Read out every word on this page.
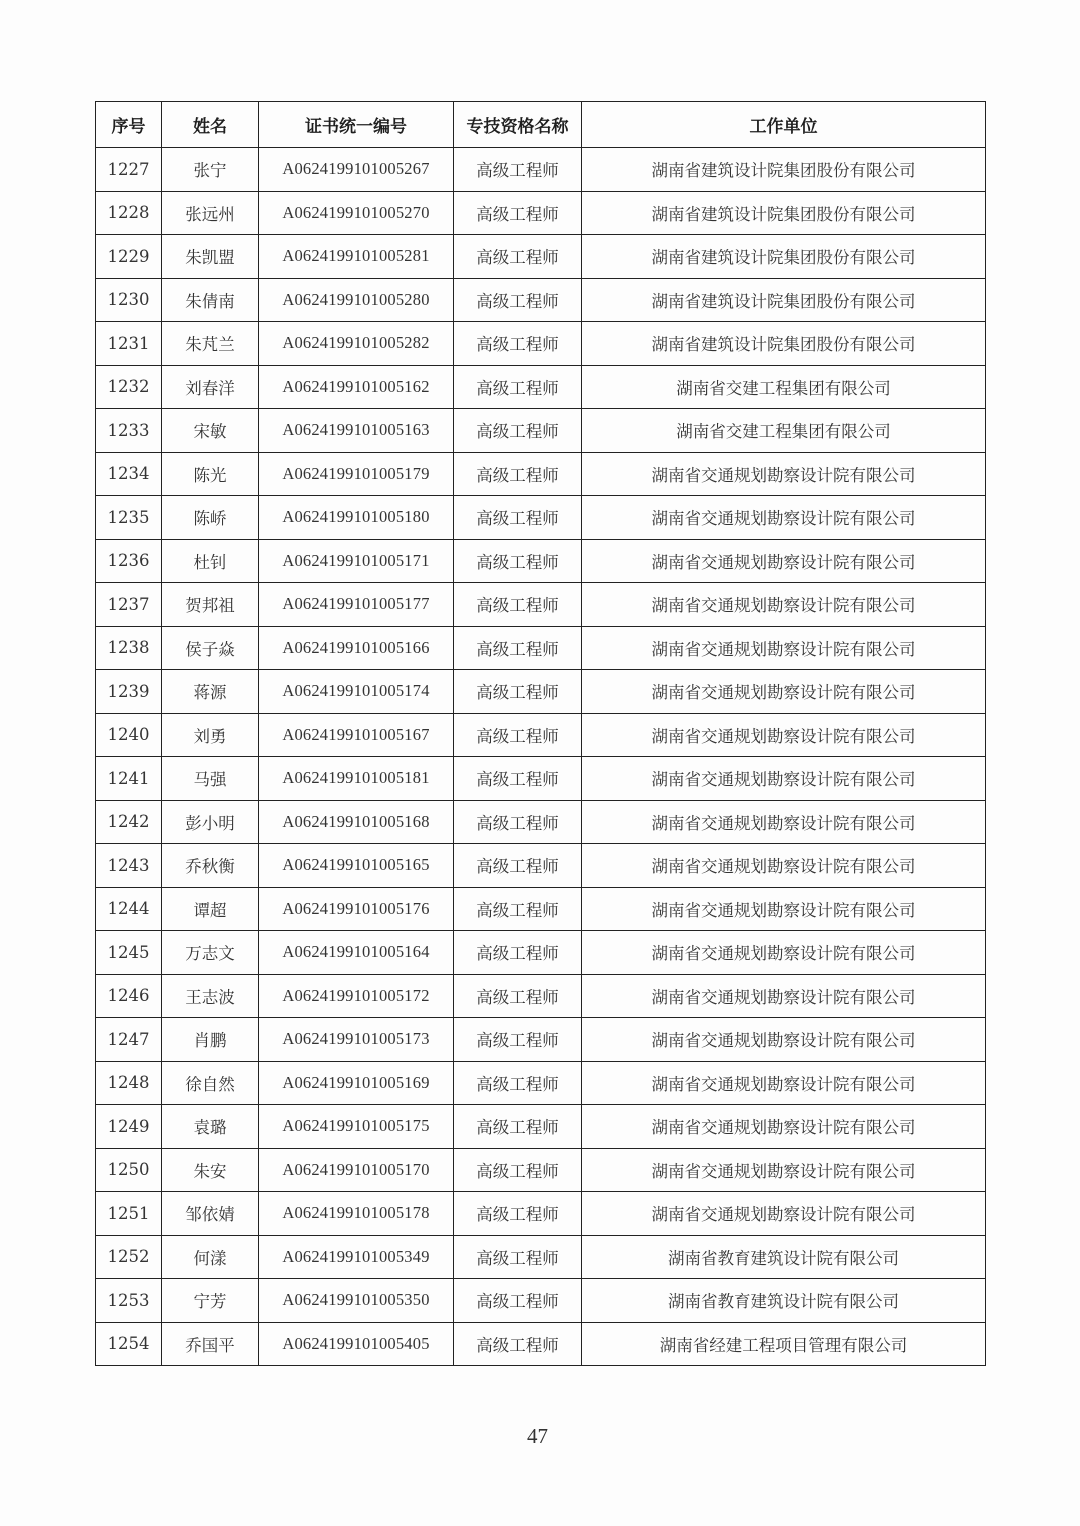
序号	姓名	证书统一编号	专技资格名称	工作单位
1227	张宁	A0624199101005267	高级工程师	湖南省建筑设计院集团股份有限公司
1228	张远州	A0624199101005270	高级工程师	湖南省建筑设计院集团股份有限公司
1229	朱凯盟	A0624199101005281	高级工程师	湖南省建筑设计院集团股份有限公司
1230	朱倩南	A0624199101005280	高级工程师	湖南省建筑设计院集团股份有限公司
1231	朱芃兰	A0624199101005282	高级工程师	湖南省建筑设计院集团股份有限公司
1232	刘春洋	A0624199101005162	高级工程师	湖南省交建工程集团有限公司
1233	宋敏	A0624199101005163	高级工程师	湖南省交建工程集团有限公司
1234	陈光	A0624199101005179	高级工程师	湖南省交通规划勘察设计院有限公司
1235	陈峤	A0624199101005180	高级工程师	湖南省交通规划勘察设计院有限公司
1236	杜钊	A0624199101005171	高级工程师	湖南省交通规划勘察设计院有限公司
1237	贺邦祖	A0624199101005177	高级工程师	湖南省交通规划勘察设计院有限公司
1238	侯子焱	A0624199101005166	高级工程师	湖南省交通规划勘察设计院有限公司
1239	蒋源	A0624199101005174	高级工程师	湖南省交通规划勘察设计院有限公司
1240	刘勇	A0624199101005167	高级工程师	湖南省交通规划勘察设计院有限公司
1241	马强	A0624199101005181	高级工程师	湖南省交通规划勘察设计院有限公司
1242	彭小明	A0624199101005168	高级工程师	湖南省交通规划勘察设计院有限公司
1243	乔秋衡	A0624199101005165	高级工程师	湖南省交通规划勘察设计院有限公司
1244	谭超	A0624199101005176	高级工程师	湖南省交通规划勘察设计院有限公司
1245	万志文	A0624199101005164	高级工程师	湖南省交通规划勘察设计院有限公司
1246	王志波	A0624199101005172	高级工程师	湖南省交通规划勘察设计院有限公司
1247	肖鹏	A0624199101005173	高级工程师	湖南省交通规划勘察设计院有限公司
1248	徐自然	A0624199101005169	高级工程师	湖南省交通规划勘察设计院有限公司
1249	袁璐	A0624199101005175	高级工程师	湖南省交通规划勘察设计院有限公司
1250	朱安	A0624199101005170	高级工程师	湖南省交通规划勘察设计院有限公司
1251	邹依婧	A0624199101005178	高级工程师	湖南省交通规划勘察设计院有限公司
1252	何漾	A0624199101005349	高级工程师	湖南省教育建筑设计院有限公司
1253	宁芳	A0624199101005350	高级工程师	湖南省教育建筑设计院有限公司
1254	乔国平	A0624199101005405	高级工程师	湖南省经建工程项目管理有限公司
47
